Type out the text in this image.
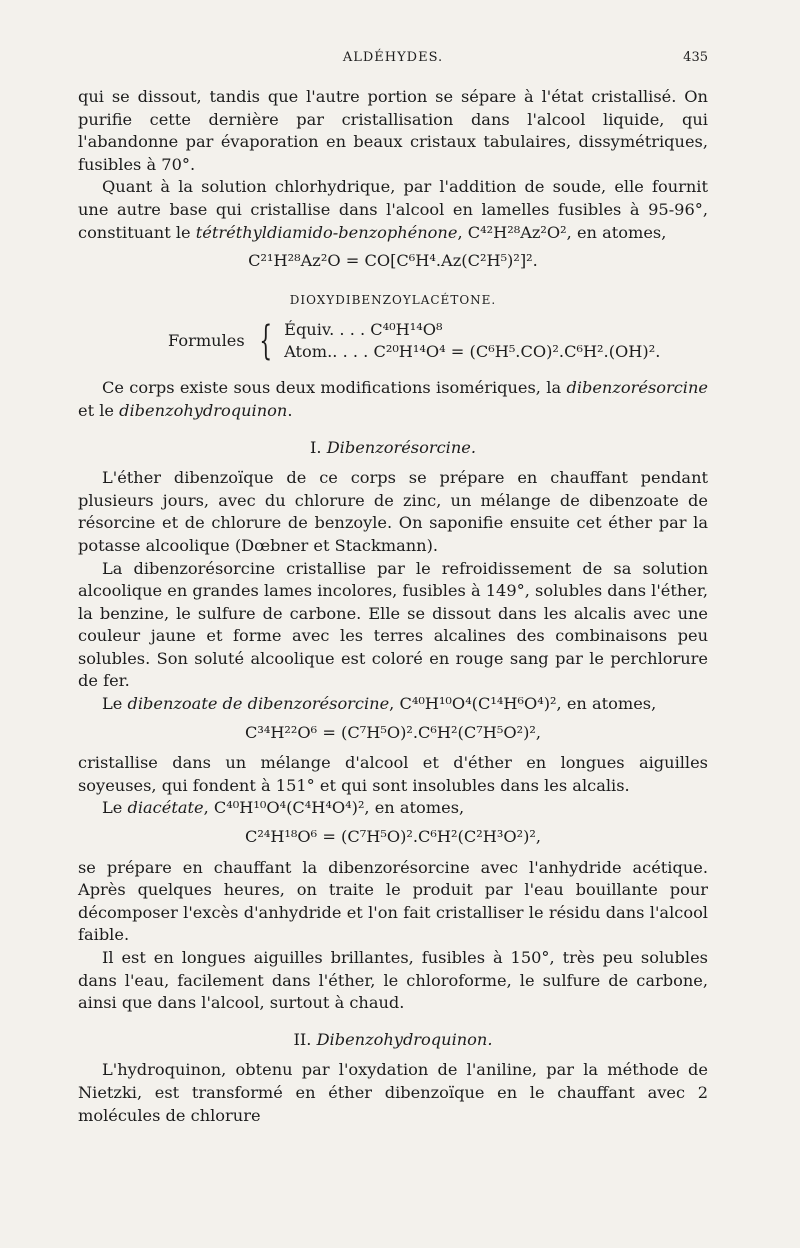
ALDÉHYDES.	435

qui se dissout, tandis que l'autre portion se sépare à l'état cristallisé. On purifie cette dernière par cristallisation dans l'alcool liquide, qui l'abandonne par évaporation en beaux cristaux tabulaires, dissymétriques, fusibles à 70°.

Quant à la solution chlorhydrique, par l'addition de soude, elle fournit une autre base qui cristallise dans l'alcool en lamelles fusibles à 95-96°, constituant le tétréthyldiamido-benzophénone, C⁴²H²⁸Az²O², en atomes,

C²¹H²⁸Az²O = CO[C⁶H⁴.Az(C²H⁵)²]².
DIOXYDIBENZOYLACÉTONE.
Formules { Équiv. . . . C⁴⁰H¹⁴O⁸
Atom.. . . . C²⁰H¹⁴O⁴ = (C⁶H⁵.CO)².C⁶H².(OH)².

Ce corps existe sous deux modifications isomériques, la dibenzorésorcine et le dibenzohydroquinon.

I. Dibenzorésorcine.

L'éther dibenzoïque de ce corps se prépare en chauffant pendant plusieurs jours, avec du chlorure de zinc, un mélange de dibenzoate de résorcine et de chlorure de benzoyle. On saponifie ensuite cet éther par la potasse alcoolique (Dœbner et Stackmann).

La dibenzorésorcine cristallise par le refroidissement de sa solution alcoolique en grandes lames incolores, fusibles à 149°, solubles dans l'éther, la benzine, le sulfure de carbone. Elle se dissout dans les alcalis avec une couleur jaune et forme avec les terres alcalines des combinaisons peu solubles. Son soluté alcoolique est coloré en rouge sang par le perchlorure de fer.

Le dibenzoate de dibenzorésorcine, C⁴⁰H¹⁰O⁴(C¹⁴H⁶O⁴)², en atomes,

C³⁴H²²O⁶ = (C⁷H⁵O)².C⁶H²(C⁷H⁵O²)²,

cristallise dans un mélange d'alcool et d'éther en longues aiguilles soyeuses, qui fondent à 151° et qui sont insolubles dans les alcalis.

Le diacétate, C⁴⁰H¹⁰O⁴(C⁴H⁴O⁴)², en atomes,

C²⁴H¹⁸O⁶ = (C⁷H⁵O)².C⁶H²(C²H³O²)²,

se prépare en chauffant la dibenzorésorcine avec l'anhydride acétique. Après quelques heures, on traite le produit par l'eau bouillante pour décomposer l'excès d'anhydride et l'on fait cristalliser le résidu dans l'alcool faible.

Il est en longues aiguilles brillantes, fusibles à 150°, très peu solubles dans l'eau, facilement dans l'éther, le chloroforme, le sulfure de carbone, ainsi que dans l'alcool, surtout à chaud.

II. Dibenzohydroquinon.

L'hydroquinon, obtenu par l'oxydation de l'aniline, par la méthode de Nietzki, est transformé en éther dibenzoïque en le chauffant avec 2 molécules de chlorure
